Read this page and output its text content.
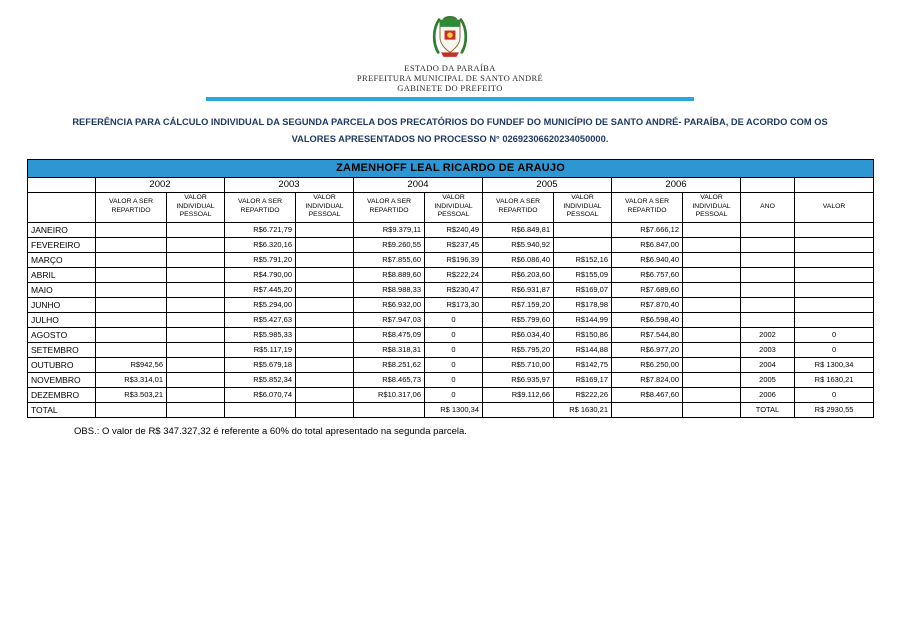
ESTADO DA PARAÍBA
PREFEITURA MUNICIPAL DE SANTO ANDRÉ
GABINETE DO PREFEITO

REFERÊNCIA PARA CÁLCULO INDIVIDUAL DA SEGUNDA PARCELA DOS PRECATÓRIOS DO FUNDEF DO MUNICÍPIO DE SANTO ANDRÉ- PARAÍBA, DE ACORDO COM OS VALORES APRESENTADOS NO PROCESSO N° 02692306620234050000.

ZAMENHOFF LEAL RICARDO DE ARAUJO												
	2002		2003		2004		2005		2006			
	VALOR A SER REPARTIDO	VALOR INDIVIDUAL PESSOAL	VALOR A SER REPARTIDO	VALOR INDIVIDUAL PESSOAL	VALOR A SER REPARTIDO	VALOR INDIVIDUAL PESSOAL	VALOR A SER REPARTIDO	VALOR INDIVIDUAL PESSOAL	VALOR A SER REPARTIDO	VALOR INDIVIDUAL PESSOAL	ANO	VALOR
JANEIRO			R$6.721,79		R$9.379,11	R$240,49	R$6.849,81		R$7.666,12			
FEVEREIRO			R$6.320,16		R$9.260,55	R$237,45	R$5.940,92		R$6.847,00			
MARÇO			R$5.791,20		R$7.855,60	R$196,39	R$6.086,40	R$152,16	R$6.940,40			
ABRIL			R$4.790,00		R$8.889,60	R$222,24	R$6.203,60	R$155,09	R$6.757,60			
MAIO			R$7.445,20		R$8.988,33	R$230,47	R$6.931,87	R$169,07	R$7.689,60			
JUNHO			R$5.294,00		R$6.932,00	R$173,30	R$7.159,20	R$178,98	R$7.870,40			
JULHO			R$5.427,63		R$7.947,03	0	R$5.799,60	R$144,99	R$6.598,40			
AGOSTO			R$5.985,33		R$8.475,09	0	R$6.034,40	R$150,86	R$7.544,80		2002	0
SETEMBRO			R$5.117,19		R$8.318,31	0	R$5.795,20	R$144,88	R$6.977,20		2003	0
OUTUBRO	R$942,56		R$5.679,18		R$8.251,62	0	R$5.710,00	R$142,75	R$6.250,00		2004	R$ 1300,34
NOVEMBRO	R$3.314,01		R$5.852,34		R$8.465,73	0	R$6.935,97	R$169,17	R$7.824,00		2005	R$ 1630,21
DEZEMBRO	R$3.503,21		R$6.070,74		R$10.317,06	0	R$9.112,66	R$222,26	R$8.467,60		2006	0
TOTAL						R$ 1300,34		R$ 1630,21			TOTAL	R$ 2930,55

OBS.: O valor de R$ 347.327,32 é referente a 60% do total apresentado na segunda parcela.
